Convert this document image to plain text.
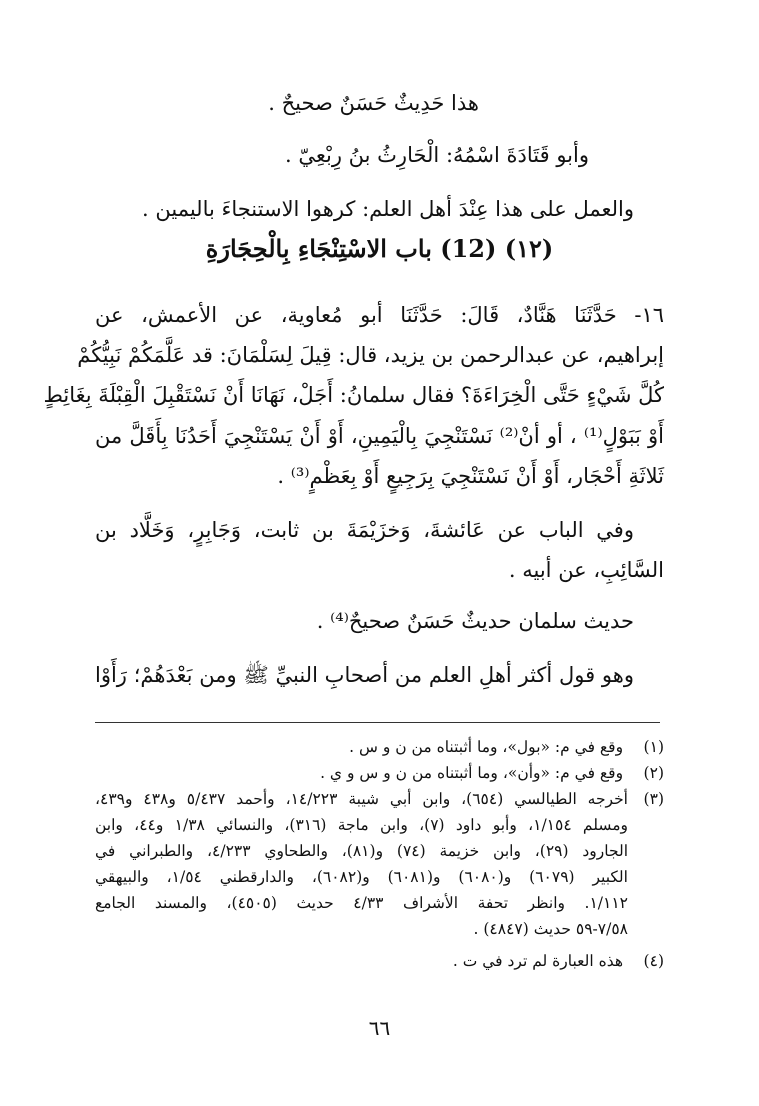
هذا حَدِيثٌ حَسَنٌ صحيحٌ .
وأبو قَتَادَةَ اسْمُهُ: الْحَارِثُ بنُ رِبْعِيّ .
والعمل على هذا عِنْدَ أهل العلم: كرهوا الاستنجاءَ باليمين .
(١٢) (12) باب الاسْتِنْجَاءِ بِالْحِجَارَةِ
١٦- حَدَّثَنَا هَنَّادٌ، قَالَ: حَدَّثَنَا أبو مُعاوية، عن الأعمش، عن
إبراهيم، عن عبدالرحمن بن يزيد، قال: قِيلَ لِسَلْمَانَ: قد عَلَّمَكُمْ نَبِيُّكُمْ
كُلَّ شَيْءٍ حَتَّى الْخِرَاءَةَ؟ فقال سلمانُ: أَجَلْ، نَهَانَا أَنْ نَسْتَقْبِلَ الْقِبْلَةَ بِغَائِطٍ
أَوْ بَبَوْلٍ⁽¹⁾ ، أو أنْ⁽²⁾ نَسْتَنْجِيَ بِالْيَمِينِ، أَوْ أَنْ يَسْتَنْجِيَ أَحَدُنَا بِأَقَلَّ من
ثَلاثَةِ أَحْجَار، أَوْ أَنْ نَسْتَنْجِيَ بِرَجِيعٍ أَوْ بِعَظْمٍ⁽³⁾ .
وفي الباب عن عَائشةَ، وَخزَيْمَةَ بن ثابت، وَجَابِرٍ، وَخَلَّاد بن
السَّائِبِ، عن أبيه .
حديث سلمان حديثٌ حَسَنٌ صحيحٌ⁽⁴⁾ .
وهو قول أكثر أهلِ العلم من أصحابِ النبيِّ ﷺ ومن بَعْدَهُمْ؛ رَأَوْا
(١) وقع في م: «بول»، وما أثبتناه من ن و س .
(٢) وقع في م: «وأن»، وما أثبتناه من ن و س و ي .
(٣)
أخرجه الطيالسي (٦٥٤)، وابن أبي شيبة ١٤/٢٢٣، وأحمد ٥/٤٣٧ و٤٣٨ و٤٣٩،
ومسلم ١/١٥٤، وأبو داود (٧)، وابن ماجة (٣١٦)، والنسائي ١/٣٨ و٤٤، وابن
الجارود (٢٩)، وابن خزيمة (٧٤) و(٨١)، والطحاوي ٤/٢٣٣، والطبراني في
الكبير (٦٠٧٩) و(٦٠٨٠) و(٦٠٨١) و(٦٠٨٢)، والدارقطني ١/٥٤، والبيهقي
١/١١٢. وانظر تحفة الأشراف ٤/٣٣ حديث (٤٥٠٥)، والمسند الجامع
٧/٥٨-٥٩ حديث (٤٨٤٧) .
(٤) هذه العبارة لم ترد في ت .
٦٦
